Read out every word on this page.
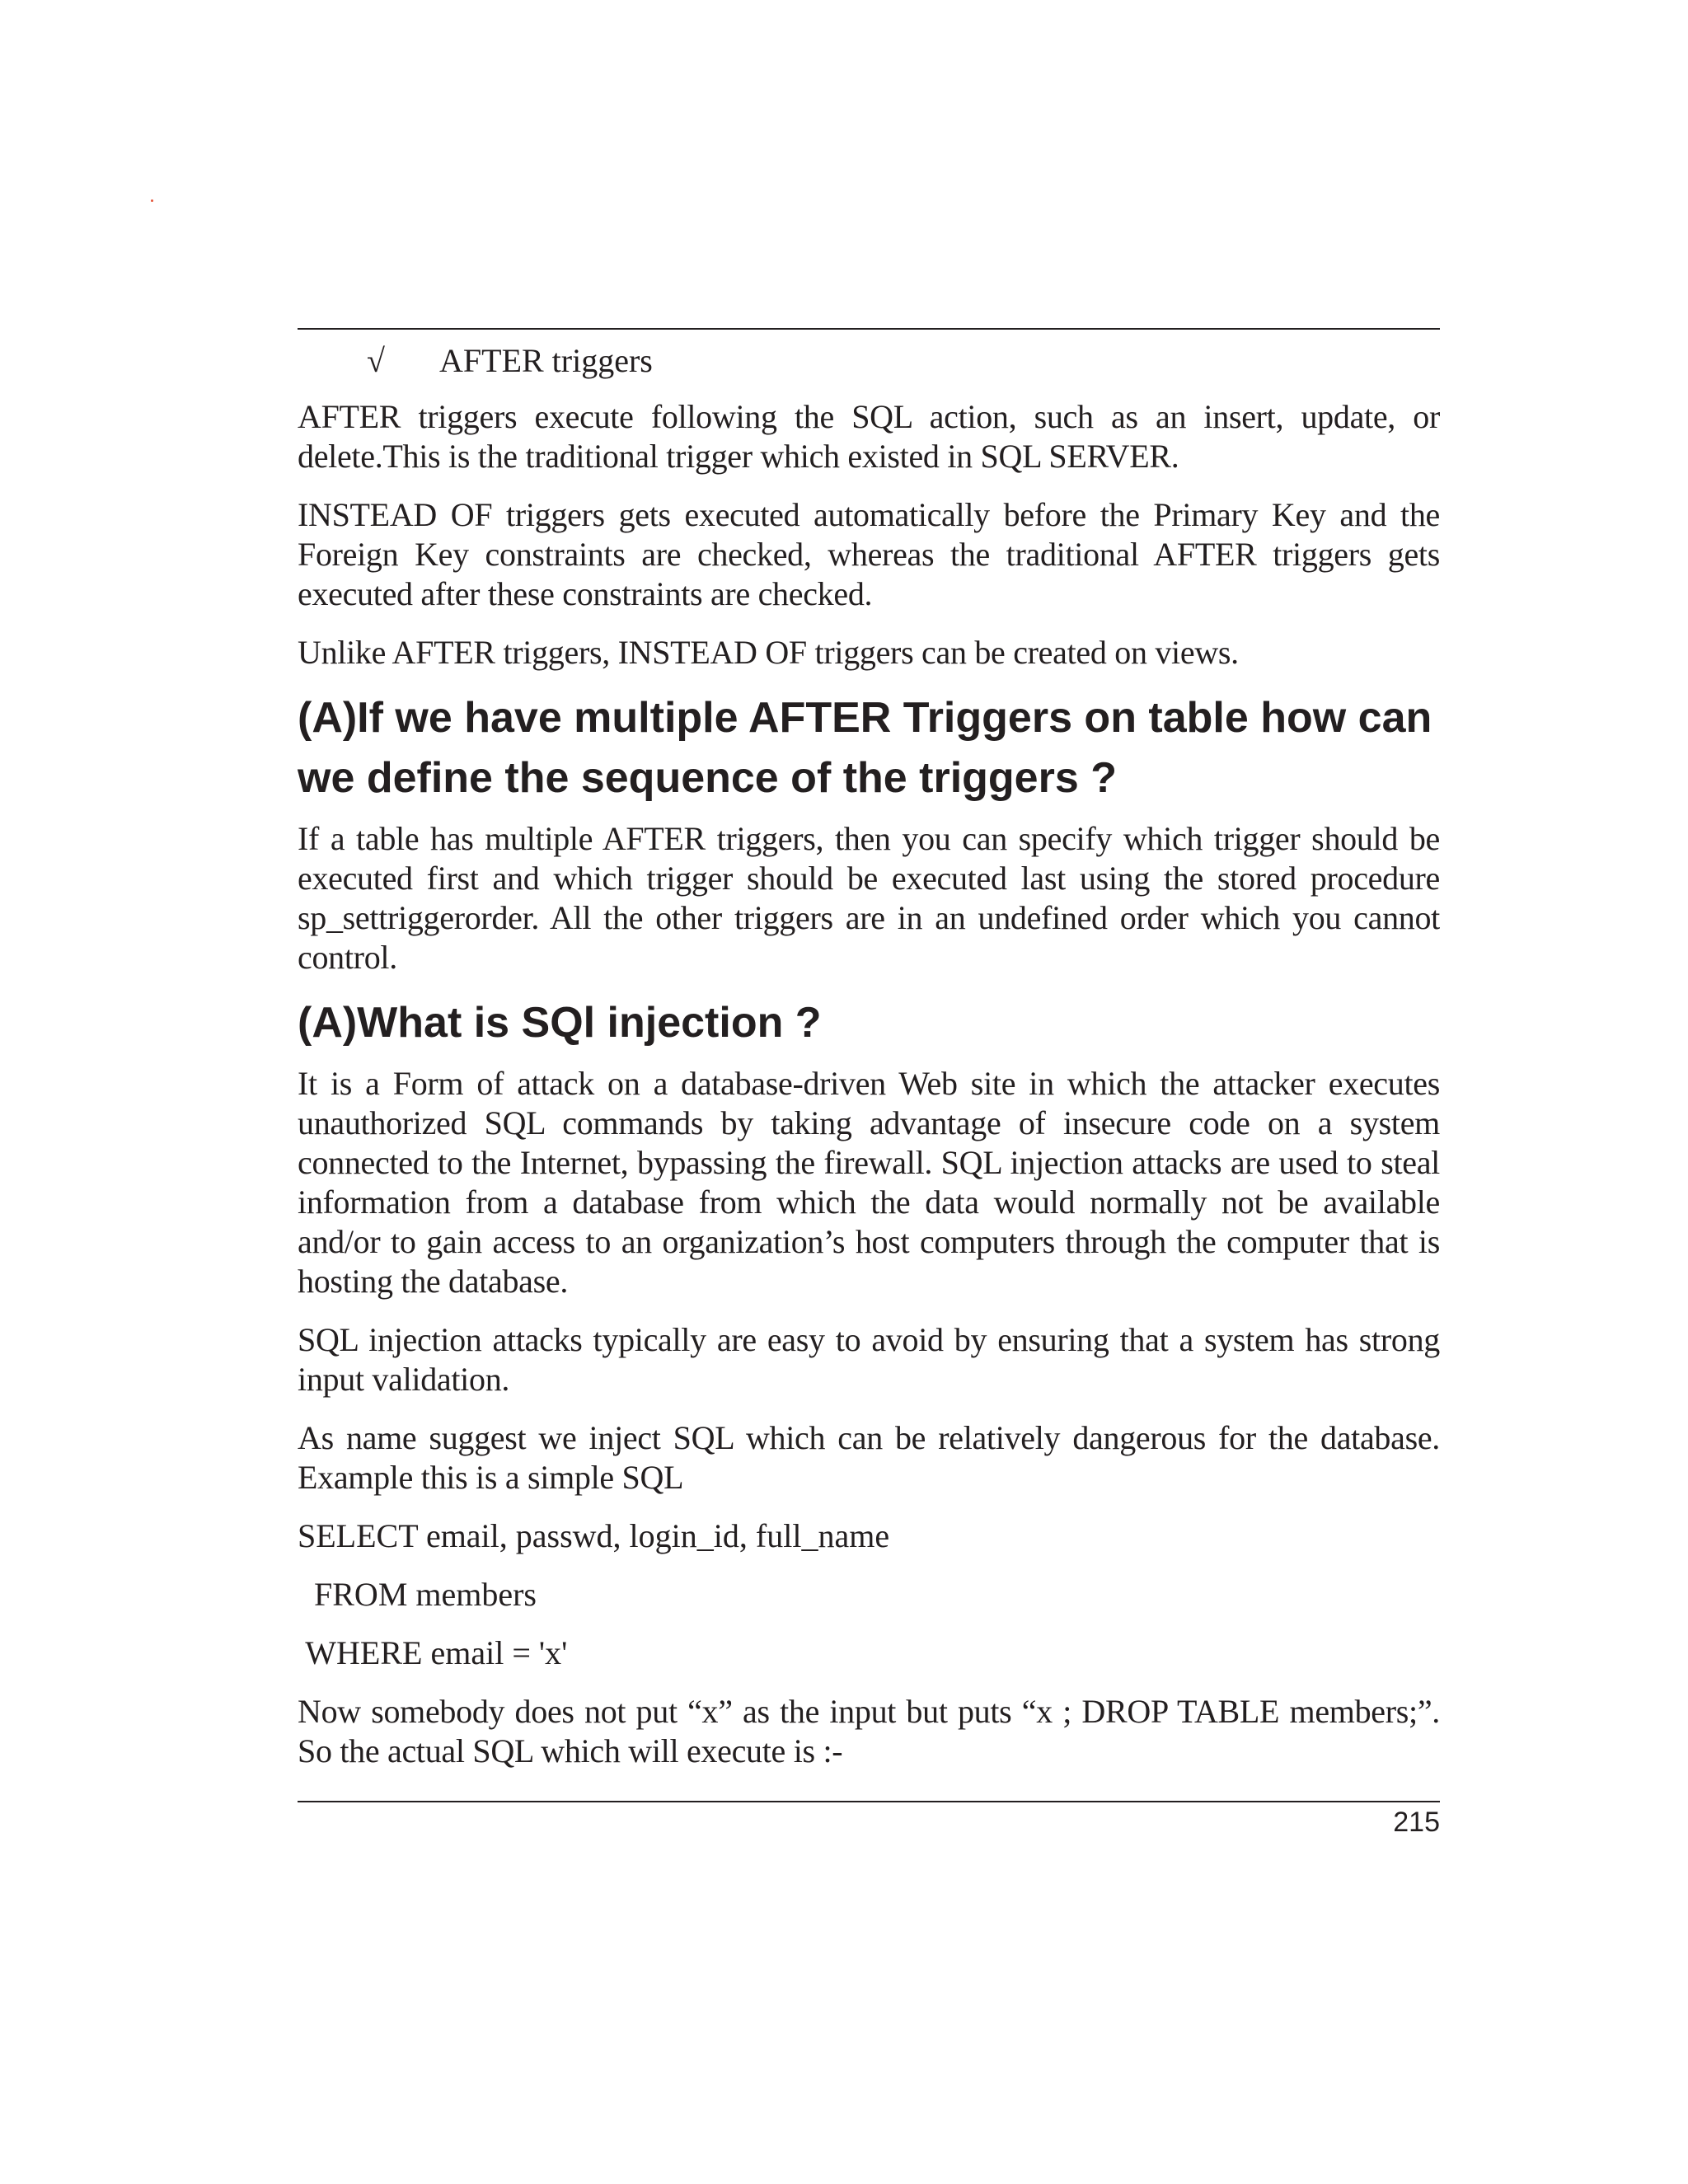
√	AFTER triggers

AFTER triggers execute following the SQL action, such as an insert, update, or delete.This is the traditional trigger which existed in SQL SERVER.

INSTEAD OF triggers gets executed automatically before the Primary Key and the Foreign Key constraints are checked, whereas the traditional AFTER triggers gets executed after these constraints are checked.

Unlike AFTER triggers, INSTEAD OF triggers can be created on views.

(A)If we have multiple AFTER Triggers on table how can we define the sequence of the triggers ?

If a table has multiple AFTER triggers, then you can specify which trigger should be executed first and which trigger should be executed last using the stored procedure sp_settriggerorder. All the other triggers are in an undefined order which you cannot control.

(A)What is SQl injection ?

It is a Form of attack on a database-driven Web site in which the attacker executes unauthorized SQL commands by taking advantage of insecure code on a system connected to the Internet, bypassing the firewall. SQL injection attacks are used to steal information from a database from which the data would normally not be available and/or to gain access to an organization’s host computers through the computer that is hosting the database.

SQL injection attacks typically are easy to avoid by ensuring that a system has strong input validation.

As name suggest we inject SQL which can be relatively dangerous for the database. Example this is a simple SQL

SELECT email, passwd, login_id, full_name

FROM members

WHERE email = 'x'

Now somebody does not put “x” as the input but puts “x ; DROP TABLE members;”. So the actual SQL which will execute is :-

215
